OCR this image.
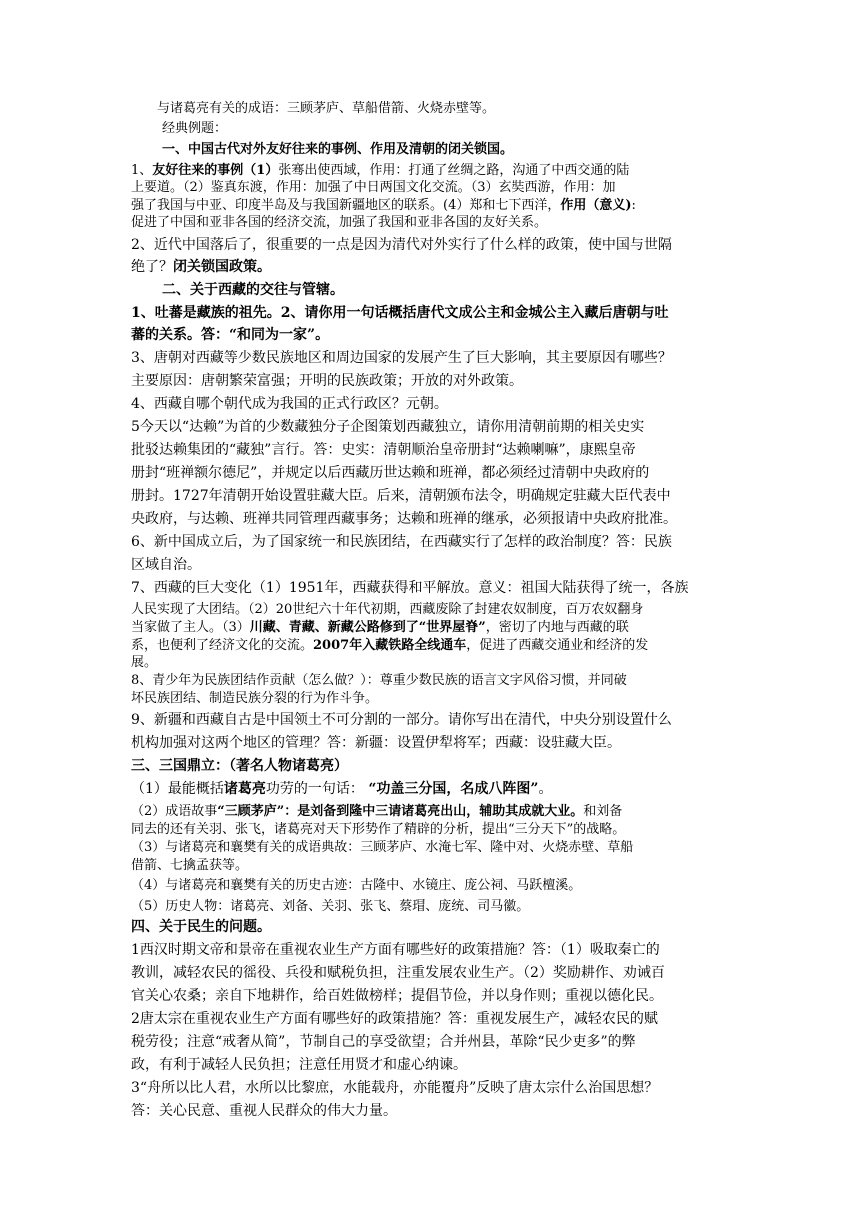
与诸葛亮有关的成语：三顾茅庐、草船借箭、火烧赤壁等。
经典例题：
一、中国古代对外友好往来的事例、作用及清朝的闭关锁国。
1、友好往来的事例（1）张骞出使西域，作用：打通了丝绸之路，沟通了中西交通的陆
上要道。（2）鉴真东渡，作用：加强了中日两国文化交流。（3）玄奘西游，作用：加
强了我国与中亚、印度半岛及与我国新疆地区的联系。(4）郑和七下西洋，作用（意义):
促进了中国和亚非各国的经济交流，加强了我国和亚非各国的友好关系。
2、近代中国落后了，很重要的一点是因为清代对外实行了什么样的政策，使中国与世隔
绝了？闭关锁国政策。
二、关于西藏的交往与管辖。
1、吐蕃是藏族的祖先。2、请你用一句话概括唐代文成公主和金城公主入藏后唐朝与吐
蕃的关系。答：“和同为一家”。
3、唐朝对西藏等少数民族地区和周边国家的发展产生了巨大影响，其主要原因有哪些？
主要原因：唐朝繁荣富强；开明的民族政策；开放的对外政策。
4、西藏自哪个朝代成为我国的正式行政区？元朝。
5今天以“达赖”为首的少数藏独分子企图策划西藏独立，请你用清朝前期的相关史实
批驳达赖集团的“藏独”言行。答：史实：清朝顺治皇帝册封“达赖喇嘛”，康熙皇帝
册封“班禅额尔德尼”，并规定以后西藏历世达赖和班禅，都必须经过清朝中央政府的
册封。1727年清朝开始设置驻藏大臣。后来，清朝颁布法令，明确规定驻藏大臣代表中
央政府，与达赖、班禅共同管理西藏事务；达赖和班禅的继承，必须报请中央政府批准。
6、新中国成立后，为了国家统一和民族团结，在西藏实行了怎样的政治制度？答：民族
区域自治。
7、西藏的巨大变化（1）1951年，西藏获得和平解放。意义：祖国大陆获得了统一，各族
人民实现了大团结。（2）20世纪六十年代初期，西藏废除了封建农奴制度，百万农奴翻身
当家做了主人。（3）川藏、青藏、新藏公路修到了“世界屋脊”，密切了内地与西藏的联
系，也便利了经济文化的交流。2007年入藏铁路全线通车，促进了西藏交通业和经济的发
展。
8、青少年为民族团结作贡献（怎么做？）：尊重少数民族的语言文字风俗习惯，并同破
坏民族团结、制造民族分裂的行为作斗争。
9、新疆和西藏自古是中国领土不可分割的一部分。请你写出在清代，中央分别设置什么
机构加强对这两个地区的管理？答：新疆：设置伊犁将军；西藏：设驻藏大臣。
三、三国鼎立：（著名人物诸葛亮）
（1）最能概括诸葛亮功劳的一句话： “功盖三分国，名成八阵图”。
（2）成语故事“三顾茅庐”：是刘备到隆中三请诸葛亮出山，辅助其成就大业。和刘备
同去的还有关羽、张飞，诸葛亮对天下形势作了精辟的分析，提出“三分天下”的战略。
（3）与诸葛亮和襄樊有关的成语典故：三顾茅庐、水淹七军、隆中对、火烧赤壁、草船
借箭、七擒孟获等。
（4）与诸葛亮和襄樊有关的历史古迹：古隆中、水镜庄、庞公祠、马跃檀溪。
（5）历史人物：诸葛亮、刘备、关羽、张飞、蔡瑁、庞统、司马徽。
四、关于民生的问题。
1西汉时期文帝和景帝在重视农业生产方面有哪些好的政策措施？答：（1）吸取秦亡的
教训，减轻农民的徭役、兵役和赋税负担，注重发展农业生产。（2）奖励耕作、劝诫百
官关心农桑；亲自下地耕作，给百姓做榜样；提倡节俭，并以身作则；重视以德化民。
2唐太宗在重视农业生产方面有哪些好的政策措施？答：重视发展生产，减轻农民的赋
税劳役；注意“戒奢从简”，节制自己的享受欲望；合并州县，革除“民少吏多”的弊
政，有利于减轻人民负担；注意任用贤才和虚心纳谏。
3“舟所以比人君，水所以比黎庶，水能载舟，亦能覆舟”反映了唐太宗什么治国思想？
答：关心民意、重视人民群众的伟大力量。
